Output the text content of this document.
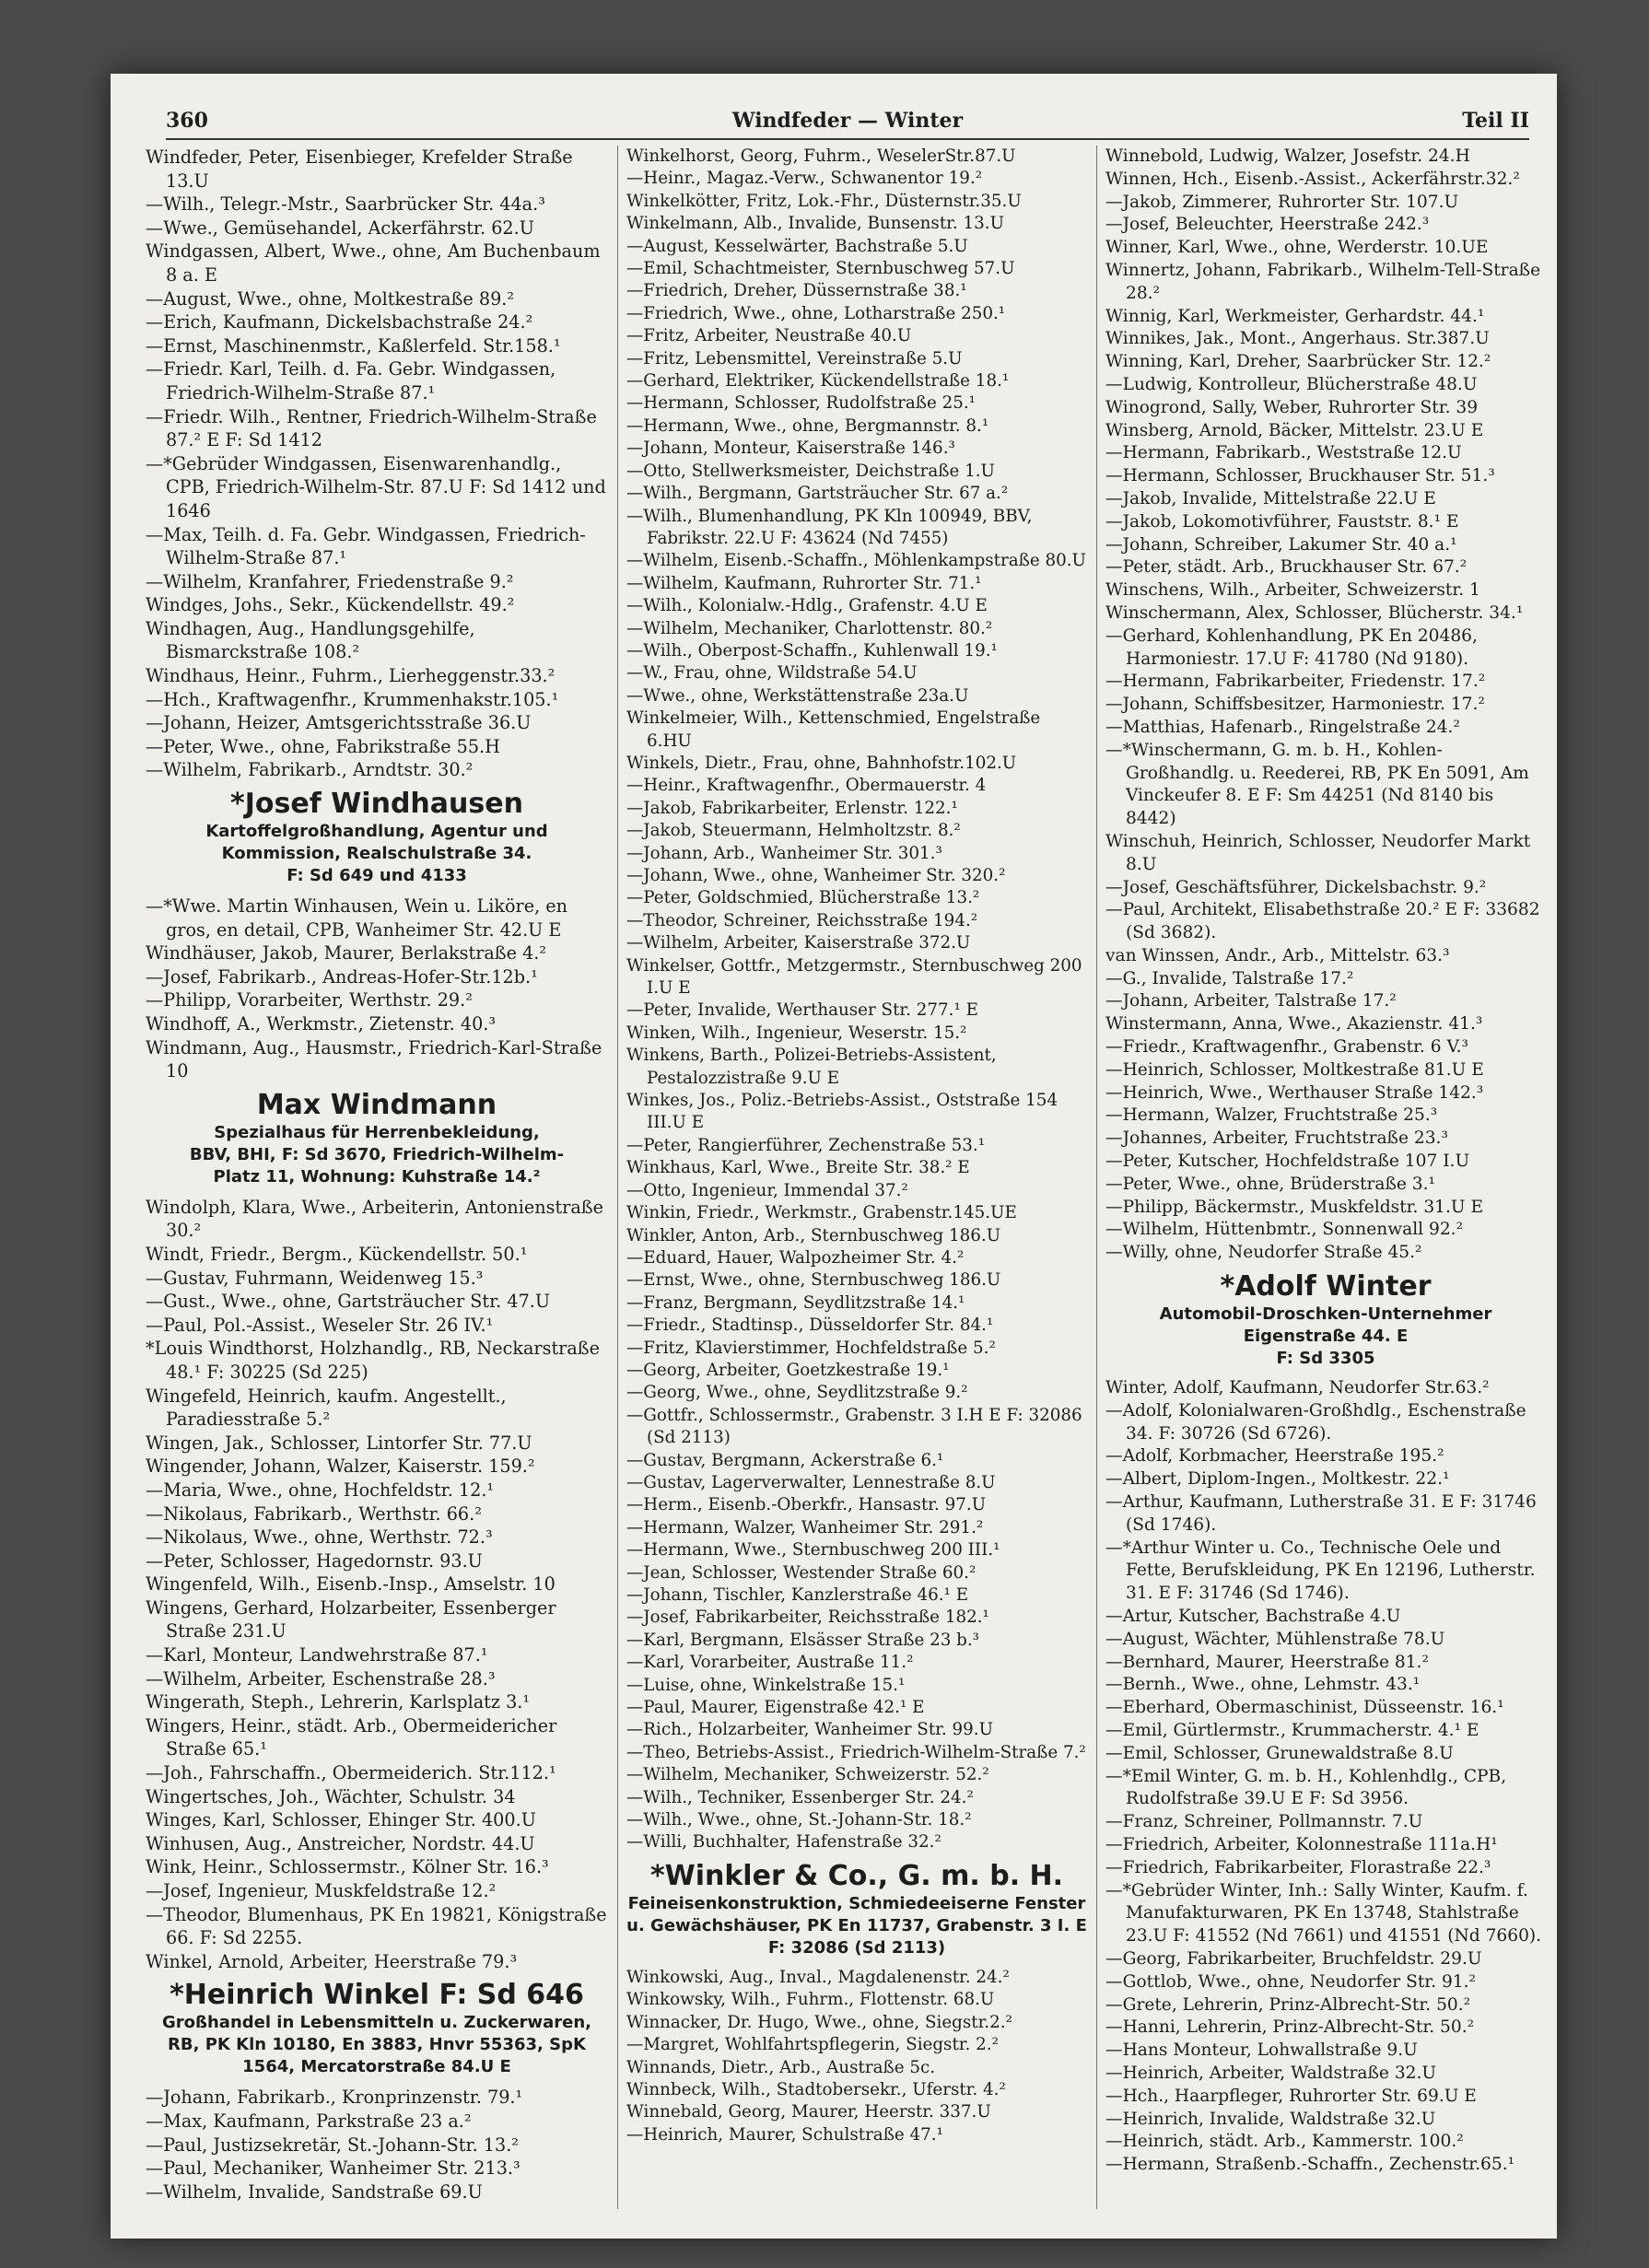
360	Windfeder — Winter	Teil II

Windfeder, Peter, Eisenbieger, Krefelder Straße 13.U

—Wilh., Telegr.-Mstr., Saarbrücker Str. 44a.³

—Wwe., Gemüsehandel, Ackerfährstr. 62.U

Windgassen, Albert, Wwe., ohne, Am Buchenbaum 8 a. E

—August, Wwe., ohne, Moltkestraße 89.²

—Erich, Kaufmann, Dickelsbachstraße 24.²

—Ernst, Maschinenmstr., Kaßlerfeld. Str.158.¹

—Friedr. Karl, Teilh. d. Fa. Gebr. Windgassen, Friedrich-Wilhelm-Straße 87.¹

—Friedr. Wilh., Rentner, Friedrich-Wilhelm-Straße 87.² E F: Sd 1412

—*Gebrüder Windgassen, Eisenwarenhandlg., CPB, Friedrich-Wilhelm-Str. 87.U F: Sd 1412 und 1646

—Max, Teilh. d. Fa. Gebr. Windgassen, Friedrich-Wilhelm-Straße 87.¹

—Wilhelm, Kranfahrer, Friedenstraße 9.²

Windges, Johs., Sekr., Kückendellstr. 49.²

Windhagen, Aug., Handlungsgehilfe, Bismarckstraße 108.²

Windhaus, Heinr., Fuhrm., Lierheggenstr.33.²

—Hch., Kraftwagenfhr., Krummenhakstr.105.¹

—Johann, Heizer, Amtsgerichtsstraße 36.U

—Peter, Wwe., ohne, Fabrikstraße 55.H

—Wilhelm, Fabrikarb., Arndtstr. 30.²

*Josef Windhausen
Kartoffelgroßhandlung, Agentur und
Kommission, Realschulstraße 34.
F: Sd 649 und 4133

—*Wwe. Martin Winhausen, Wein u. Liköre, en gros, en detail, CPB, Wanheimer Str. 42.U E

Windhäuser, Jakob, Maurer, Berlakstraße 4.²

—Josef, Fabrikarb., Andreas-Hofer-Str.12b.¹

—Philipp, Vorarbeiter, Werthstr. 29.²

Windhoff, A., Werkmstr., Zietenstr. 40.³

Windmann, Aug., Hausmstr., Friedrich-Karl-Straße 10

Max Windmann
Spezialhaus für Herrenbekleidung,
BBV, BHI, F: Sd 3670, Friedrich-Wilhelm-
Platz 11, Wohnung: Kuhstraße 14.²

Windolph, Klara, Wwe., Arbeiterin, Antonienstraße 30.²

Windt, Friedr., Bergm., Kückendellstr. 50.¹

—Gustav, Fuhrmann, Weidenweg 15.³

—Gust., Wwe., ohne, Gartsträucher Str. 47.U

—Paul, Pol.-Assist., Weseler Str. 26 IV.¹

*Louis Windthorst, Holzhandlg., RB, Neckarstraße 48.¹ F: 30225 (Sd 225)

Wingefeld, Heinrich, kaufm. Angestellt., Paradiesstraße 5.²

Wingen, Jak., Schlosser, Lintorfer Str. 77.U

Wingender, Johann, Walzer, Kaiserstr. 159.²

—Maria, Wwe., ohne, Hochfeldstr. 12.¹

—Nikolaus, Fabrikarb., Werthstr. 66.²

—Nikolaus, Wwe., ohne, Werthstr. 72.³

—Peter, Schlosser, Hagedornstr. 93.U

Wingenfeld, Wilh., Eisenb.-Insp., Amselstr. 10

Wingens, Gerhard, Holzarbeiter, Essenberger Straße 231.U

—Karl, Monteur, Landwehrstraße 87.¹

—Wilhelm, Arbeiter, Eschenstraße 28.³

Wingerath, Steph., Lehrerin, Karlsplatz 3.¹

Wingers, Heinr., städt. Arb., Obermeidericher Straße 65.¹

—Joh., Fahrschaffn., Obermeiderich. Str.112.¹

Wingertsches, Joh., Wächter, Schulstr. 34

Winges, Karl, Schlosser, Ehinger Str. 400.U

Winhusen, Aug., Anstreicher, Nordstr. 44.U

Wink, Heinr., Schlossermstr., Kölner Str. 16.³

—Josef, Ingenieur, Muskfeldstraße 12.²

—Theodor, Blumenhaus, PK En 19821, Königstraße 66. F: Sd 2255.

Winkel, Arnold, Arbeiter, Heerstraße 79.³

*Heinrich Winkel F: Sd 646
Großhandel in Lebensmitteln u. Zuckerwaren, RB, PK Kln 10180, En 3883, Hnvr 55363, SpK 1564, Mercatorstraße 84.U E

—Johann, Fabrikarb., Kronprinzenstr. 79.¹

—Max, Kaufmann, Parkstraße 23 a.²

—Paul, Justizsekretär, St.-Johann-Str. 13.²

—Paul, Mechaniker, Wanheimer Str. 213.³

—Wilhelm, Invalide, Sandstraße 69.U

Winkelhorst, Georg, Fuhrm., WeselerStr.87.U

—Heinr., Magaz.-Verw., Schwanentor 19.²

Winkelkötter, Fritz, Lok.-Fhr., Düsternstr.35.U

Winkelmann, Alb., Invalide, Bunsenstr. 13.U

—August, Kesselwärter, Bachstraße 5.U

—Emil, Schachtmeister, Sternbuschweg 57.U

—Friedrich, Dreher, Düssernstraße 38.¹

—Friedrich, Wwe., ohne, Lotharstraße 250.¹

—Fritz, Arbeiter, Neustraße 40.U

—Fritz, Lebensmittel, Vereinstraße 5.U

—Gerhard, Elektriker, Kückendellstraße 18.¹

—Hermann, Schlosser, Rudolfstraße 25.¹

—Hermann, Wwe., ohne, Bergmannstr. 8.¹

—Johann, Monteur, Kaiserstraße 146.³

—Otto, Stellwerksmeister, Deichstraße 1.U

—Wilh., Bergmann, Gartsträucher Str. 67 a.²

—Wilh., Blumenhandlung, PK Kln 100949, BBV, Fabrikstr. 22.U F: 43624 (Nd 7455)

—Wilhelm, Eisenb.-Schaffn., Möhlenkampstraße 80.U

—Wilhelm, Kaufmann, Ruhrorter Str. 71.¹

—Wilh., Kolonialw.-Hdlg., Grafenstr. 4.U E

—Wilhelm, Mechaniker, Charlottenstr. 80.²

—Wilh., Oberpost-Schaffn., Kuhlenwall 19.¹

—W., Frau, ohne, Wildstraße 54.U

—Wwe., ohne, Werkstättenstraße 23a.U

Winkelmeier, Wilh., Kettenschmied, Engelstraße 6.HU

Winkels, Dietr., Frau, ohne, Bahnhofstr.102.U

—Heinr., Kraftwagenfhr., Obermauerstr. 4

—Jakob, Fabrikarbeiter, Erlenstr. 122.¹

—Jakob, Steuermann, Helmholtzstr. 8.²

—Johann, Arb., Wanheimer Str. 301.³

—Johann, Wwe., ohne, Wanheimer Str. 320.²

—Peter, Goldschmied, Blücherstraße 13.²

—Theodor, Schreiner, Reichsstraße 194.²

—Wilhelm, Arbeiter, Kaiserstraße 372.U

Winkelser, Gottfr., Metzgermstr., Sternbuschweg 200 I.U E

—Peter, Invalide, Werthauser Str. 277.¹ E

Winken, Wilh., Ingenieur, Weserstr. 15.²

Winkens, Barth., Polizei-Betriebs-Assistent, Pestalozzistraße 9.U E

Winkes, Jos., Poliz.-Betriebs-Assist., Oststraße 154 III.U E

—Peter, Rangierführer, Zechenstraße 53.¹

Winkhaus, Karl, Wwe., Breite Str. 38.² E

—Otto, Ingenieur, Immendal 37.²

Winkin, Friedr., Werkmstr., Grabenstr.145.UE

Winkler, Anton, Arb., Sternbuschweg 186.U

—Eduard, Hauer, Walpozheimer Str. 4.²

—Ernst, Wwe., ohne, Sternbuschweg 186.U

—Franz, Bergmann, Seydlitzstraße 14.¹

—Friedr., Stadtinsp., Düsseldorfer Str. 84.¹

—Fritz, Klavierstimmer, Hochfeldstraße 5.²

—Georg, Arbeiter, Goetzkestraße 19.¹

—Georg, Wwe., ohne, Seydlitzstraße 9.²

—Gottfr., Schlossermstr., Grabenstr. 3 I.H E F: 32086 (Sd 2113)

—Gustav, Bergmann, Ackerstraße 6.¹

—Gustav, Lagerverwalter, Lennestraße 8.U

—Herm., Eisenb.-Oberkfr., Hansastr. 97.U

—Hermann, Walzer, Wanheimer Str. 291.²

—Hermann, Wwe., Sternbuschweg 200 III.¹

—Jean, Schlosser, Westender Straße 60.²

—Johann, Tischler, Kanzlerstraße 46.¹ E

—Josef, Fabrikarbeiter, Reichsstraße 182.¹

—Karl, Bergmann, Elsässer Straße 23 b.³

—Karl, Vorarbeiter, Austraße 11.²

—Luise, ohne, Winkelstraße 15.¹

—Paul, Maurer, Eigenstraße 42.¹ E

—Rich., Holzarbeiter, Wanheimer Str. 99.U

—Theo, Betriebs-Assist., Friedrich-Wilhelm-Straße 7.²

—Wilhelm, Mechaniker, Schweizerstr. 52.²

—Wilh., Techniker, Essenberger Str. 24.²

—Wilh., Wwe., ohne, St.-Johann-Str. 18.²

—Willi, Buchhalter, Hafenstraße 32.²

*Winkler & Co., G. m. b. H.
Feineisenkonstruktion, Schmiedeeiserne Fenster u. Gewächshäuser, PK En 11737, Grabenstr. 3 I. E F: 32086 (Sd 2113)

Winkowski, Aug., Inval., Magdalenenstr. 24.²

Winkowsky, Wilh., Fuhrm., Flottenstr. 68.U

Winnacker, Dr. Hugo, Wwe., ohne, Siegstr.2.²

—Margret, Wohlfahrtspflegerin, Siegstr. 2.²

Winnands, Dietr., Arb., Austraße 5c.

Winnbeck, Wilh., Stadtobersekr., Uferstr. 4.²

Winnebald, Georg, Maurer, Heerstr. 337.U

—Heinrich, Maurer, Schulstraße 47.¹

Winnebold, Ludwig, Walzer, Josefstr. 24.H

Winnen, Hch., Eisenb.-Assist., Ackerfährstr.32.²

—Jakob, Zimmerer, Ruhrorter Str. 107.U

—Josef, Beleuchter, Heerstraße 242.³

Winner, Karl, Wwe., ohne, Werderstr. 10.UE

Winnertz, Johann, Fabrikarb., Wilhelm-Tell-Straße 28.²

Winnig, Karl, Werkmeister, Gerhardstr. 44.¹

Winnikes, Jak., Mont., Angerhaus. Str.387.U

Winning, Karl, Dreher, Saarbrücker Str. 12.²

—Ludwig, Kontrolleur, Blücherstraße 48.U

Winogrond, Sally, Weber, Ruhrorter Str. 39

Winsberg, Arnold, Bäcker, Mittelstr. 23.U E

—Hermann, Fabrikarb., Weststraße 12.U

—Hermann, Schlosser, Bruckhauser Str. 51.³

—Jakob, Invalide, Mittelstraße 22.U E

—Jakob, Lokomotivführer, Fauststr. 8.¹ E

—Johann, Schreiber, Lakumer Str. 40 a.¹

—Peter, städt. Arb., Bruckhauser Str. 67.²

Winschens, Wilh., Arbeiter, Schweizerstr. 1

Winschermann, Alex, Schlosser, Blücherstr. 34.¹

—Gerhard, Kohlenhandlung, PK En 20486, Harmoniestr. 17.U F: 41780 (Nd 9180).

—Hermann, Fabrikarbeiter, Friedenstr. 17.²

—Johann, Schiffsbesitzer, Harmoniestr. 17.²

—Matthias, Hafenarb., Ringelstraße 24.²

—*Winschermann, G. m. b. H., Kohlen-Großhandlg. u. Reederei, RB, PK En 5091, Am Vinckeufer 8. E F: Sm 44251 (Nd 8140 bis 8442)

Winschuh, Heinrich, Schlosser, Neudorfer Markt 8.U

—Josef, Geschäftsführer, Dickelsbachstr. 9.²

—Paul, Architekt, Elisabethstraße 20.² E F: 33682 (Sd 3682).

van Winssen, Andr., Arb., Mittelstr. 63.³

—G., Invalide, Talstraße 17.²

—Johann, Arbeiter, Talstraße 17.²

Winstermann, Anna, Wwe., Akazienstr. 41.³

—Friedr., Kraftwagenfhr., Grabenstr. 6 V.³

—Heinrich, Schlosser, Moltkestraße 81.U E

—Heinrich, Wwe., Werthauser Straße 142.³

—Hermann, Walzer, Fruchtstraße 25.³

—Johannes, Arbeiter, Fruchtstraße 23.³

—Peter, Kutscher, Hochfeldstraße 107 I.U

—Peter, Wwe., ohne, Brüderstraße 3.¹

—Philipp, Bäckermstr., Muskfeldstr. 31.U E

—Wilhelm, Hüttenbmtr., Sonnenwall 92.²

—Willy, ohne, Neudorfer Straße 45.²

*Adolf Winter
Automobil-Droschken-Unternehmer
Eigenstraße 44. E
F: Sd 3305

Winter, Adolf, Kaufmann, Neudorfer Str.63.²

—Adolf, Kolonialwaren-Großhdlg., Eschenstraße 34. F: 30726 (Sd 6726).

—Adolf, Korbmacher, Heerstraße 195.²

—Albert, Diplom-Ingen., Moltkestr. 22.¹

—Arthur, Kaufmann, Lutherstraße 31. E F: 31746 (Sd 1746).

—*Arthur Winter u. Co., Technische Oele und Fette, Berufskleidung, PK En 12196, Lutherstr. 31. E F: 31746 (Sd 1746).

—Artur, Kutscher, Bachstraße 4.U

—August, Wächter, Mühlenstraße 78.U

—Bernhard, Maurer, Heerstraße 81.²

—Bernh., Wwe., ohne, Lehmstr. 43.¹

—Eberhard, Obermaschinist, Düsseenstr. 16.¹

—Emil, Gürtlermstr., Krummacherstr. 4.¹ E

—Emil, Schlosser, Grunewaldstraße 8.U

—*Emil Winter, G. m. b. H., Kohlenhdlg., CPB, Rudolfstraße 39.U E F: Sd 3956.

—Franz, Schreiner, Pollmannstr. 7.U

—Friedrich, Arbeiter, Kolonnestraße 111a.H¹

—Friedrich, Fabrikarbeiter, Florastraße 22.³

—*Gebrüder Winter, Inh.: Sally Winter, Kaufm. f. Manufakturwaren, PK En 13748, Stahlstraße 23.U F: 41552 (Nd 7661) und 41551 (Nd 7660).

—Georg, Fabrikarbeiter, Bruchfeldstr. 29.U

—Gottlob, Wwe., ohne, Neudorfer Str. 91.²

—Grete, Lehrerin, Prinz-Albrecht-Str. 50.²

—Hanni, Lehrerin, Prinz-Albrecht-Str. 50.²

—Hans Monteur, Lohwallstraße 9.U

—Heinrich, Arbeiter, Waldstraße 32.U

—Hch., Haarpfleger, Ruhrorter Str. 69.U E

—Heinrich, Invalide, Waldstraße 32.U

—Heinrich, städt. Arb., Kammerstr. 100.²

—Hermann, Straßenb.-Schaffn., Zechenstr.65.¹
